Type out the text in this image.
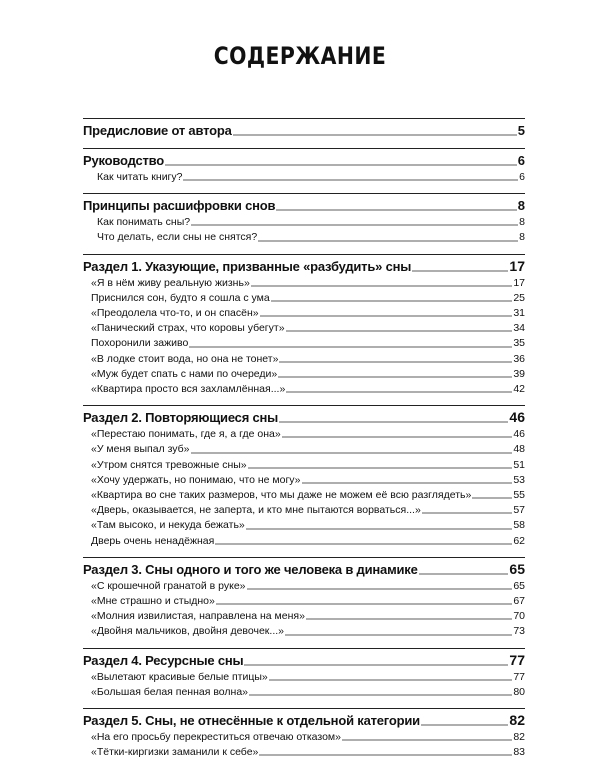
СОДЕРЖАНИЕ
Предисловие от автора	5
Руководство	6
Как читать книгу?	6
Принципы расшифровки снов	8
Как понимать сны?	8
Что делать, если сны не снятся?	8
Раздел 1. Указующие, призванные «разбудить» сны	17
«Я в нём живу реальную жизнь»	17
Приснился сон, будто я сошла с ума	25
«Преодолела что-то, и он спасён»	31
«Панический страх, что коровы убегут»	34
Похоронили заживо	35
«В лодке стоит вода, но она не тонет»	36
«Муж будет спать с нами по очереди»	39
«Квартира просто вся захламлённая...»	42
Раздел 2. Повторяющиеся сны	46
«Перестаю понимать, где я, а где она»	46
«У меня выпал зуб»	48
«Утром снятся тревожные сны»	51
«Хочу удержать, но понимаю, что не могу»	53
«Квартира во сне таких размеров, что мы даже не можем её всю разглядеть»	55
«Дверь, оказывается, не заперта, и кто мне пытаются ворваться...»	57
«Там высоко, и некуда бежать»	58
Дверь очень ненадёжная	62
Раздел 3. Сны одного и того же человека в динамике	65
«С крошечной гранатой в руке»	65
«Мне страшно и стыдно»	67
«Молния извилистая, направлена на меня»	70
«Двойня мальчиков, двойня девочек...»	73
Раздел 4. Ресурсные сны	77
«Вылетают красивые белые птицы»	77
«Большая белая пенная волна»	80
Раздел 5. Сны, не отнесённые к отдельной категории	82
«На его просьбу перекреститься отвечаю отказом»	82
«Тётки-киргизки заманили к себе»	83
